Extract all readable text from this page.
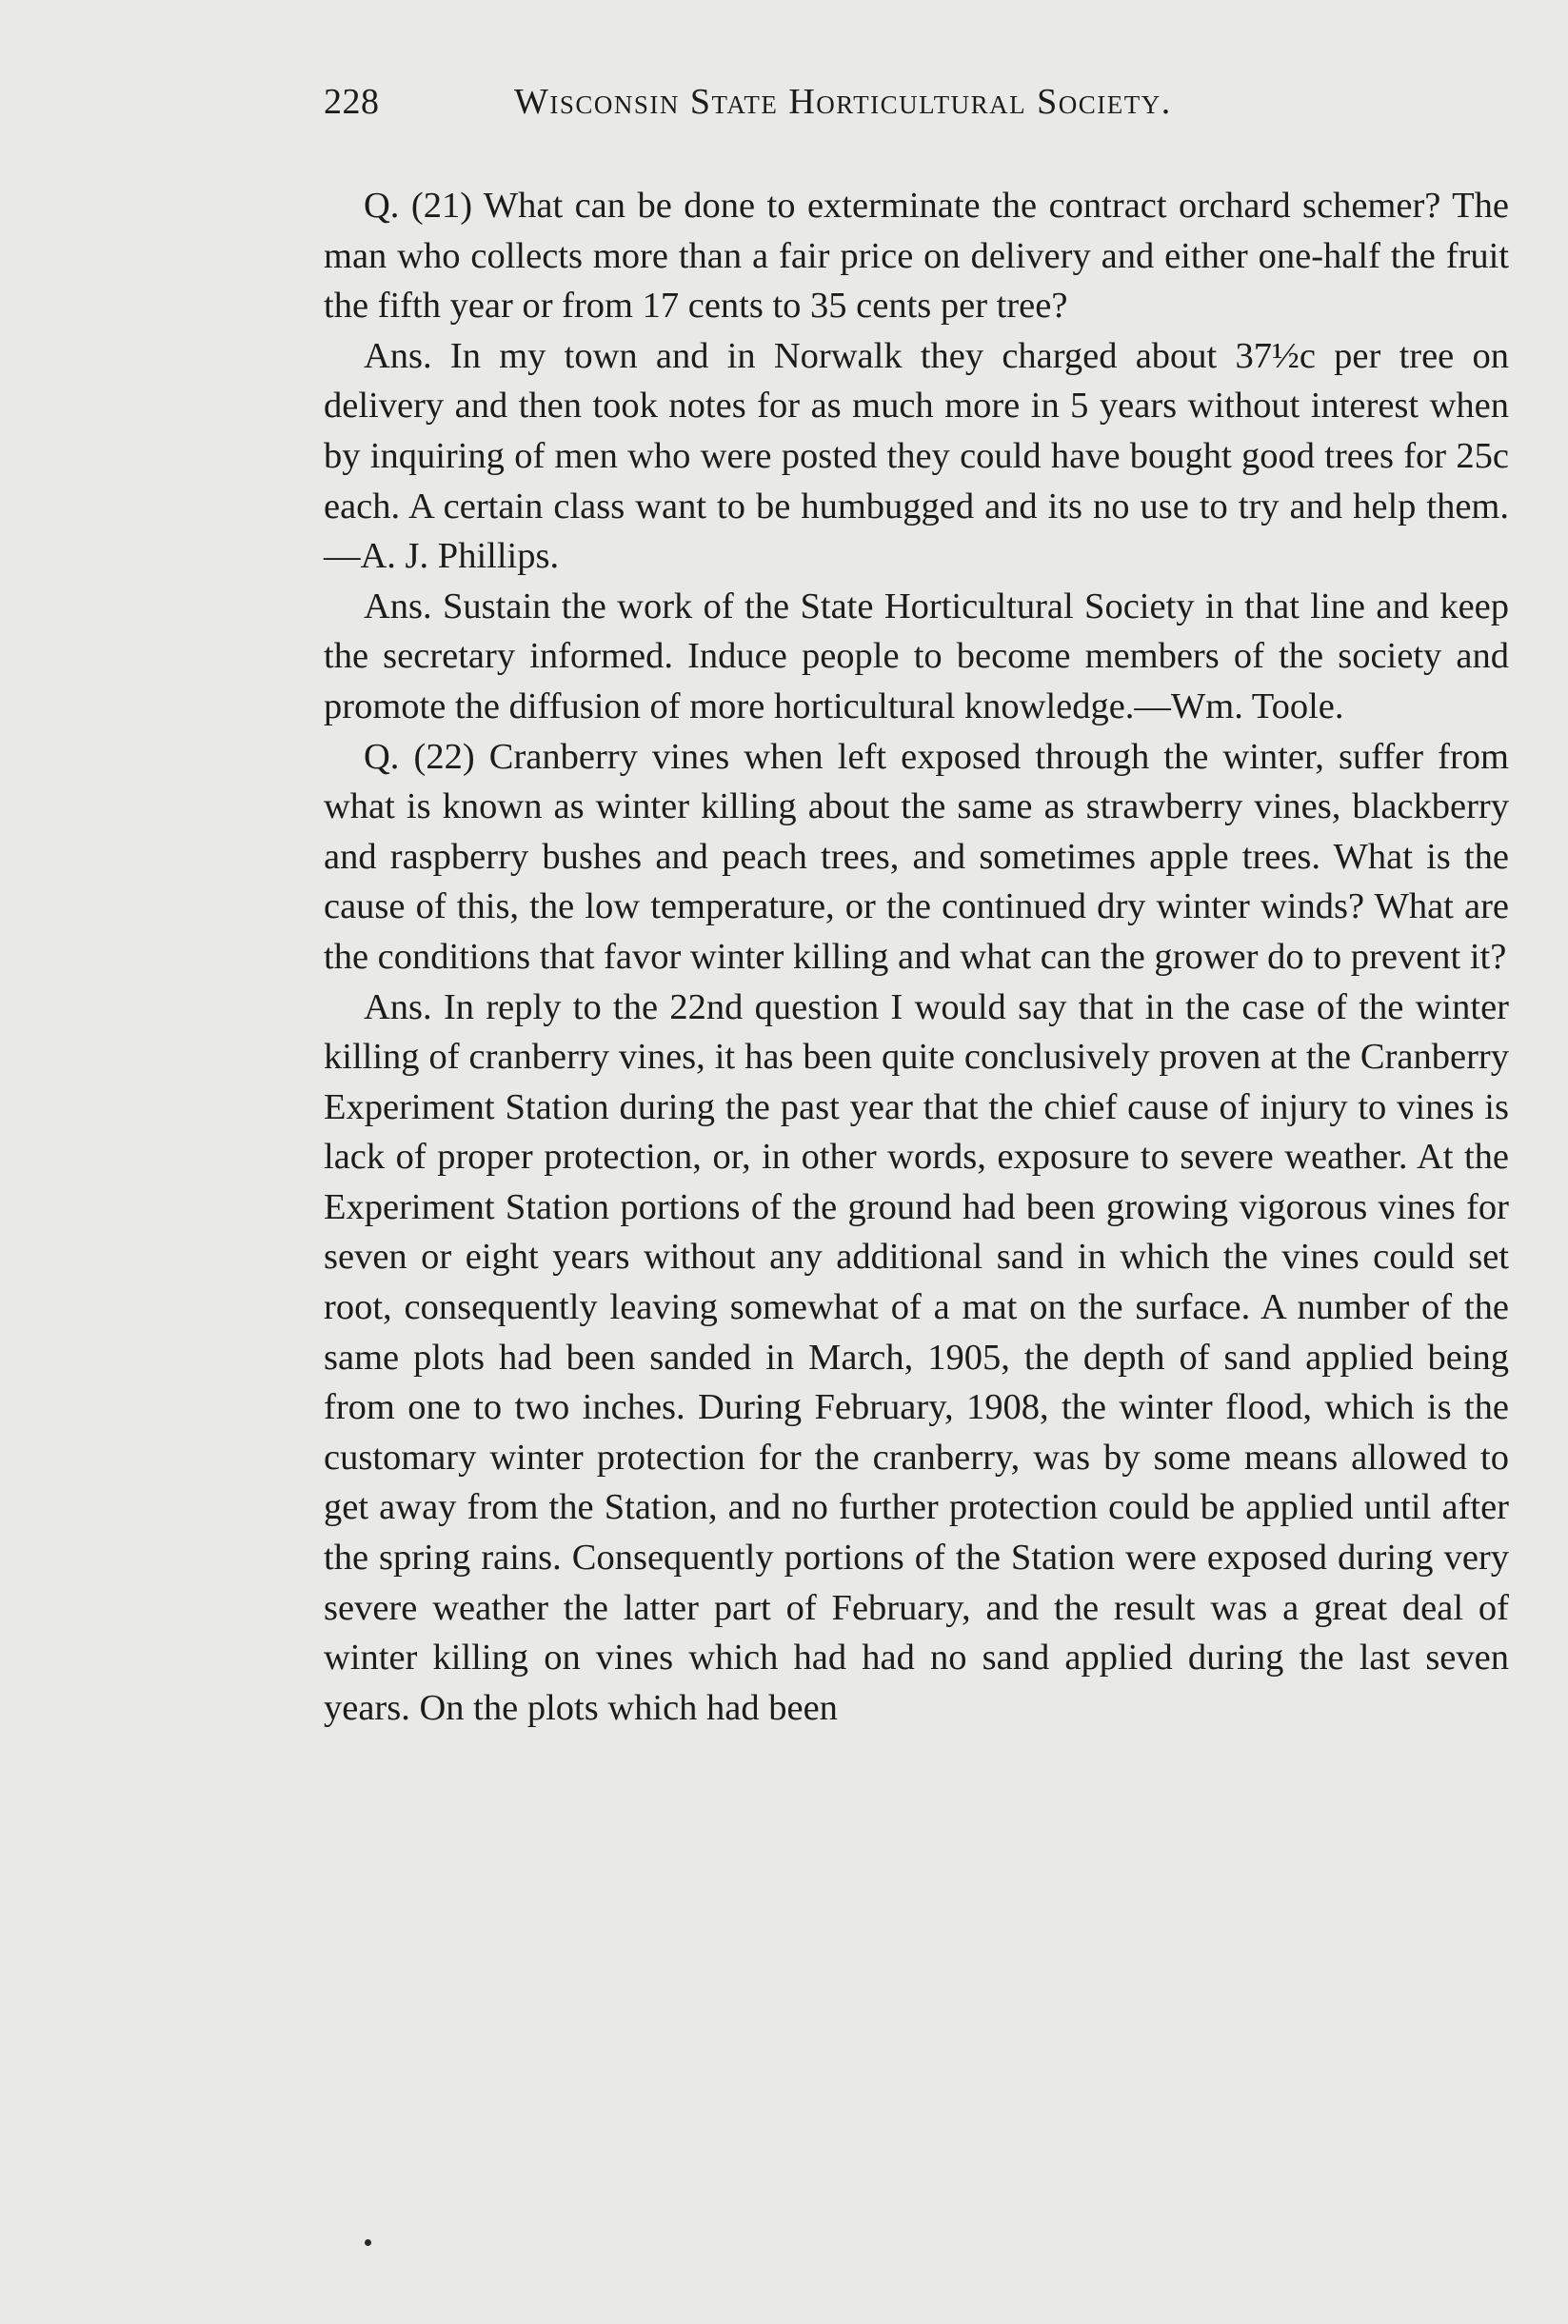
228	Wisconsin State Horticultural Society.

Q. (21) What can be done to exterminate the contract orchard schemer? The man who collects more than a fair price on delivery and either one-half the fruit the fifth year or from 17 cents to 35 cents per tree?

Ans. In my town and in Norwalk they charged about 37½c per tree on delivery and then took notes for as much more in 5 years without interest when by inquiring of men who were posted they could have bought good trees for 25c each. A certain class want to be humbugged and its no use to try and help them.—A. J. Phillips.

Ans. Sustain the work of the State Horticultural Society in that line and keep the secretary informed. Induce people to become members of the society and promote the diffusion of more horticultural knowledge.—Wm. Toole.

Q. (22) Cranberry vines when left exposed through the winter, suffer from what is known as winter killing about the same as strawberry vines, blackberry and raspberry bushes and peach trees, and sometimes apple trees. What is the cause of this, the low temperature, or the continued dry winter winds? What are the conditions that favor winter killing and what can the grower do to prevent it?

Ans. In reply to the 22nd question I would say that in the case of the winter killing of cranberry vines, it has been quite conclusively proven at the Cranberry Experiment Station during the past year that the chief cause of injury to vines is lack of proper protection, or, in other words, exposure to severe weather. At the Experiment Station portions of the ground had been growing vigorous vines for seven or eight years without any additional sand in which the vines could set root, consequently leaving somewhat of a mat on the surface. A number of the same plots had been sanded in March, 1905, the depth of sand applied being from one to two inches. During February, 1908, the winter flood, which is the customary winter protection for the cranberry, was by some means allowed to get away from the Station, and no further protection could be applied until after the spring rains. Consequently portions of the Station were exposed during very severe weather the latter part of February, and the result was a great deal of winter killing on vines which had had no sand applied during the last seven years. On the plots which had been
